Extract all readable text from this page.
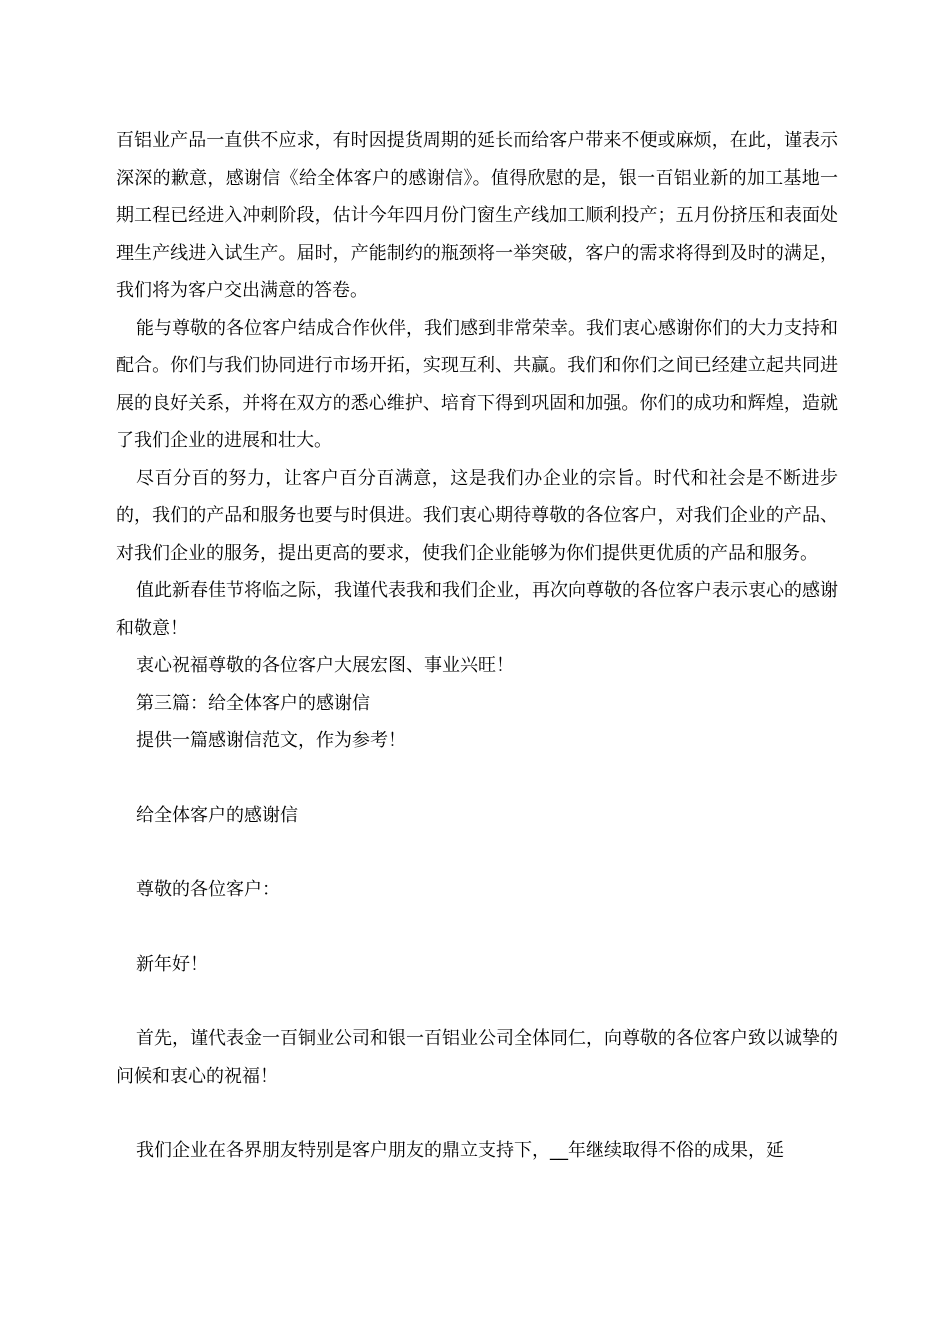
百铝业产品一直供不应求，有时因提货周期的延长而给客户带来不便或麻烦，在此，谨表示深深的歉意，感谢信《给全体客户的感谢信》。值得欣慰的是，银一百铝业新的加工基地一期工程已经进入冲刺阶段，估计今年四月份门窗生产线加工顺利投产；五月份挤压和表面处理生产线进入试生产。届时，产能制约的瓶颈将一举突破，客户的需求将得到及时的满足，我们将为客户交出满意的答卷。

能与尊敬的各位客户结成合作伙伴，我们感到非常荣幸。我们衷心感谢你们的大力支持和配合。你们与我们协同进行市场开拓，实现互利、共赢。我们和你们之间已经建立起共同进展的良好关系，并将在双方的悉心维护、培育下得到巩固和加强。你们的成功和辉煌，造就了我们企业的进展和壮大。

尽百分百的努力，让客户百分百满意，这是我们办企业的宗旨。时代和社会是不断进步的，我们的产品和服务也要与时俱进。我们衷心期待尊敬的各位客户，对我们企业的产品、对我们企业的服务，提出更高的要求，使我们企业能够为你们提供更优质的产品和服务。

值此新春佳节将临之际，我谨代表我和我们企业，再次向尊敬的各位客户表示衷心的感谢和敬意！

衷心祝福尊敬的各位客户大展宏图、事业兴旺！

第三篇：给全体客户的感谢信

提供一篇感谢信范文，作为参考！

给全体客户的感谢信

尊敬的各位客户：

新年好！

首先，谨代表金一百铜业公司和银一百铝业公司全体同仁，向尊敬的各位客户致以诚挚的问候和衷心的祝福！

我们企业在各界朋友特别是客户朋友的鼎立支持下，__年继续取得不俗的成果，延
